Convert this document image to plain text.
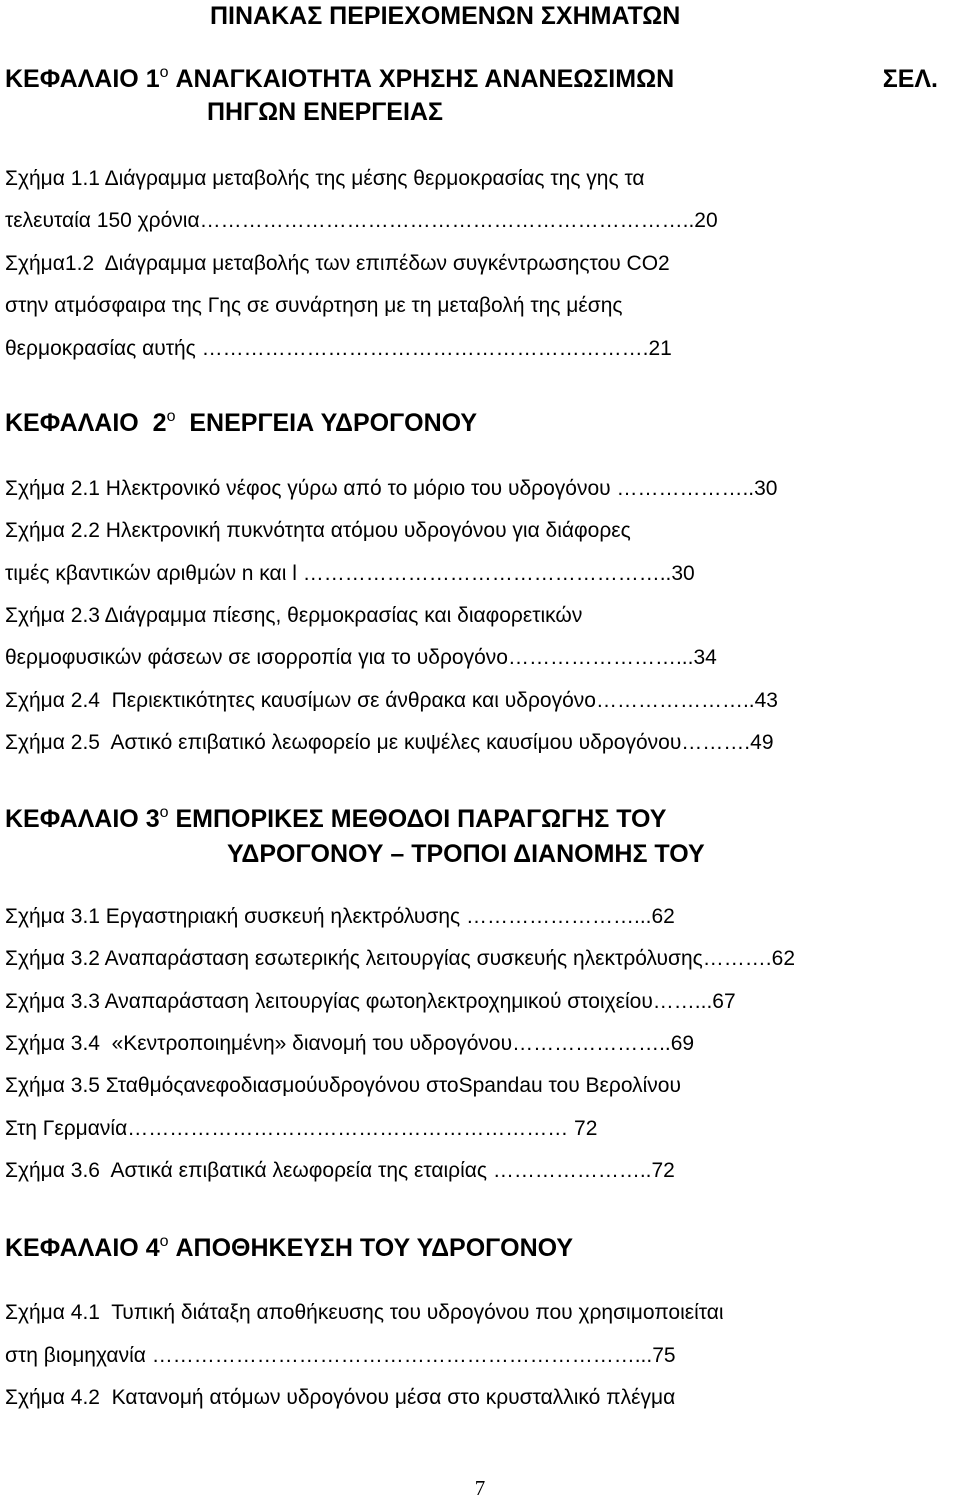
ΠΙΝΑΚΑΣ ΠΕΡΙΕΧΟΜΕΝΩΝ ΣΧΗΜΑΤΩΝ
ΚΕΦΑΛΑΙΟ 1$^o$ ΑΝΑΓΚΑΙΟΤΗΤΑ ΧΡΗΣΗΣ ΑΝΑΝΕΩΣΙΜΩΝ	ΣΕΛ.
ΠΗΓΩΝ ΕΝΕΡΓΕΙΑΣ
Σχήμα 1.1 Διάγραμμα μεταβολής της μέσης θερμοκρασίας της γης τα
τελευταία 150 χρόνια……………………………………………………………..20
Σχήμα1.2  Διάγραμμα μεταβολής των επιπέδων συγκέντρωσηςτου CO2
στην ατμόσφαιρα της Γης σε συνάρτηση με τη μεταβολή της μέσης
θερμοκρασίας αυτής ……………………………………………………….21
ΚΕΦΑΛΑΙΟ  2$^o$  ΕΝΕΡΓΕΙΑ ΥΔΡΟΓΟΝΟΥ
Σχήμα 2.1 Ηλεκτρονικό νέφος γύρω από το μόριο του υδρογόνου ………………..30
Σχήμα 2.2 Ηλεκτρονική πυκνότητα ατόμου υδρογόνου για διάφορες
τιμές κβαντικών αριθμών n και l ……………………………………………..30
Σχήμα 2.3 Διάγραμμα πίεσης, θερμοκρασίας και διαφορετικών
θερμοφυσικών φάσεων σε ισορροπία για το υδρογόνο……………………...34
Σχήμα 2.4  Περιεκτικότητες καυσίμων σε άνθρακα και υδρογόνο…………………..43
Σχήμα 2.5  Αστικό επιβατικό λεωφορείο με κυψέλες καυσίμου υδρογόνου……….49
ΚΕΦΑΛΑΙΟ 3$^o$ ΕΜΠΟΡΙΚΕΣ ΜΕΘΟΔΟΙ ΠΑΡΑΓΩΓΗΣ ΤΟΥ
ΥΔΡΟΓΟΝΟΥ – ΤΡΟΠΟΙ ΔΙΑΝΟΜΗΣ ΤΟΥ
Σχήμα 3.1 Εργαστηριακή συσκευή ηλεκτρόλυσης ……………………...62
Σχήμα 3.2 Αναπαράσταση εσωτερικής λειτουργίας συσκευής ηλεκτρόλυσης……….62
Σχήμα 3.3 Αναπαράσταση λειτουργίας φωτοηλεκτροχημικού στοιχείου……...67
Σχήμα 3.4  «Κεντροποιημένη» διανομή του υδρογόνου…………………..69
Σχήμα 3.5 Σταθμόςανεφοδιασμούυδρογόνου στοSpandau του Βερολίνου
Στη Γερμανία……………………………………………………… 72
Σχήμα 3.6  Αστικά επιβατικά λεωφορεία της εταιρίας …………………..72
ΚΕΦΑΛΑΙΟ 4$^o$ ΑΠΟΘΗΚΕΥΣΗ ΤΟΥ ΥΔΡΟΓΟΝΟΥ
Σχήμα 4.1  Τυπική διάταξη αποθήκευσης του υδρογόνου που χρησιμοποιείται
στη βιομηχανία ……………………………………………………………...75
Σχήμα 4.2  Κατανομή ατόμων υδρογόνου μέσα στο κρυσταλλικό πλέγμα
7
